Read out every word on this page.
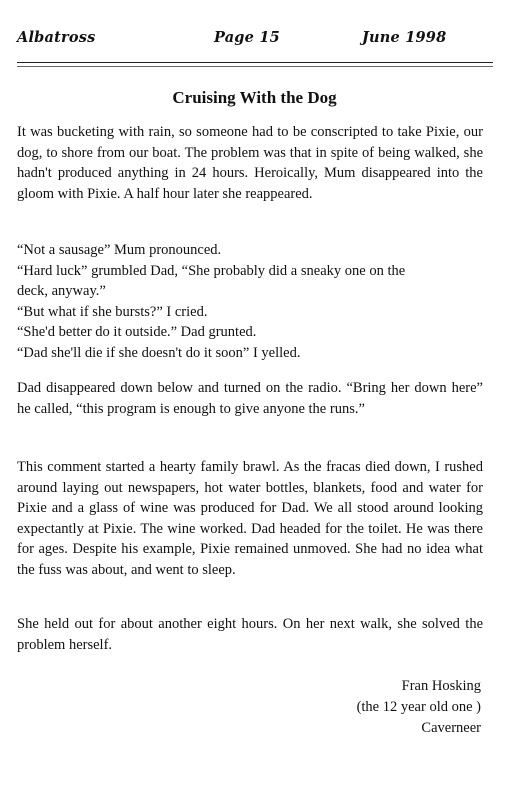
Albatross	Page 15	June 1998
Cruising With the Dog

It was bucketing with rain, so someone had to be conscripted to take Pixie, our dog, to shore from our boat. The problem was that in spite of being walked, she hadn't produced anything in 24 hours. Heroically, Mum disappeared into the gloom with Pixie. A half hour later she reappeared.

“Not a sausage” Mum pronounced.

“Hard luck” grumbled Dad, “She probably did a sneaky one on the

deck, anyway.”

“But what if she bursts?” I cried.

“She'd better do it outside.” Dad grunted.

“Dad she'll die if she doesn't do it soon” I yelled.

Dad disappeared down below and turned on the radio. “Bring her down here” he called, “this program is enough to give anyone the runs.”

This comment started a hearty family brawl. As the fracas died down, I rushed around laying out newspapers, hot water bottles, blankets, food and water for Pixie and a glass of wine was produced for Dad. We all stood around looking expectantly at Pixie. The wine worked. Dad headed for the toilet. He was there for ages. Despite his example, Pixie remained unmoved. She had no idea what the fuss was about, and went to sleep.

She held out for about another eight hours. On her next walk, she solved the problem herself.

Fran Hosking
(the 12 year old one )
Caverneer
